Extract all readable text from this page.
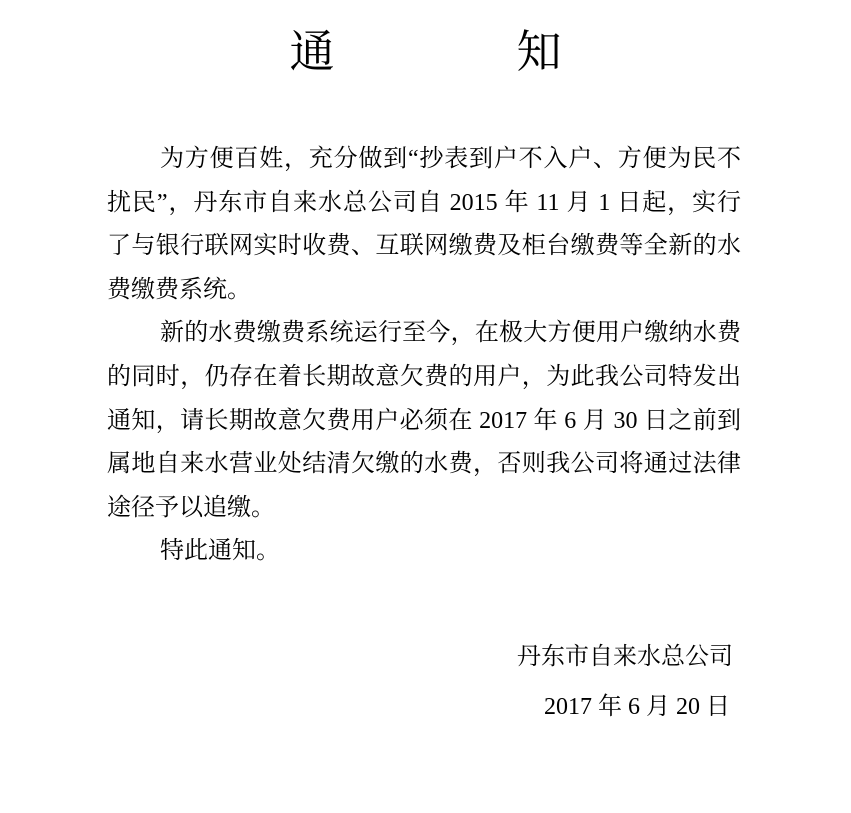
通知

为方便百姓，充分做到“抄表到户不入户、方便为民不

扰民”，丹东市自来水总公司自 2015 年 11 月 1 日起，实行

了与银行联网实时收费、互联网缴费及柜台缴费等全新的水

费缴费系统。

新的水费缴费系统运行至今，在极大方便用户缴纳水费

的同时，仍存在着长期故意欠费的用户，为此我公司特发出

通知，请长期故意欠费用户必须在 2017 年 6 月 30 日之前到

属地自来水营业处结清欠缴的水费，否则我公司将通过法律

途径予以追缴。

特此通知。

丹东市自来水总公司
2017 年 6 月 20 日
